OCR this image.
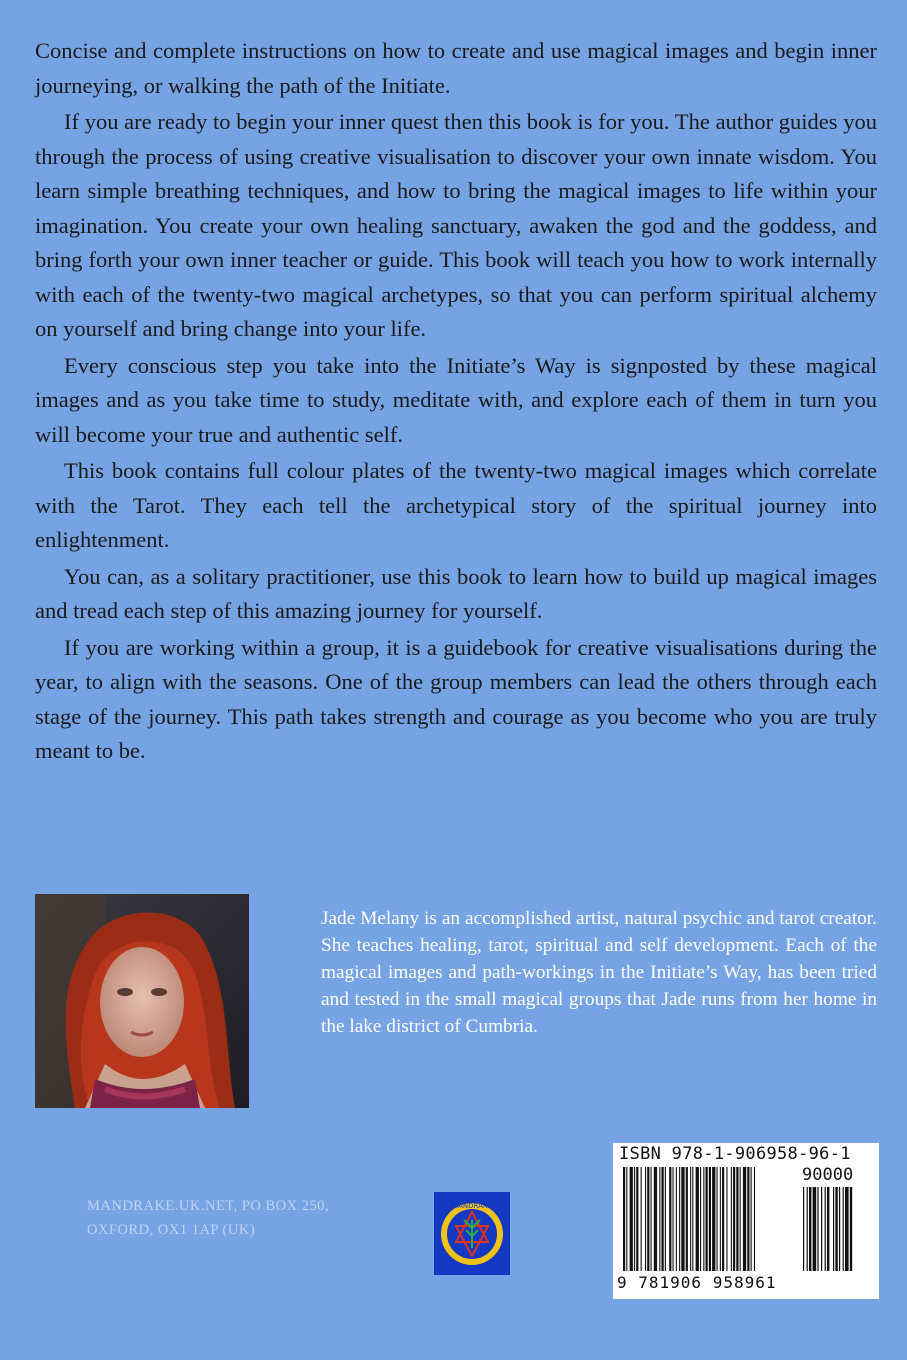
Concise and complete instructions on how to create and use magical images and begin inner journeying, or walking the path of the Initiate.

If you are ready to begin your inner quest then this book is for you. The author guides you through the process of using creative visualisation to discover your own innate wisdom. You learn simple breathing techniques, and how to bring the magical images to life within your imagination. You create your own healing sanctuary, awaken the god and the goddess, and bring forth your own inner teacher or guide. This book will teach you how to work internally with each of the twenty-two magical archetypes, so that you can perform spiritual alchemy on yourself and bring change into your life.

Every conscious step you take into the Initiate’s Way is signposted by these magical images and as you take time to study, meditate with, and explore each of them in turn you will become your true and authentic self.

This book contains full colour plates of the twenty-two magical images which correlate with the Tarot. They each tell the archetypical story of the spiritual journey into enlightenment.

You can, as a solitary practitioner, use this book to learn how to build up magical images and tread each step of this amazing journey for yourself.

If you are working within a group, it is a guidebook for creative visualisations during the year, to align with the seasons. One of the group members can lead the others through each stage of the journey. This path takes strength and courage as you become who you are truly meant to be.

Jade Melany is an accomplished artist, natural psychic and tarot creator. She teaches healing, tarot, spiritual and self development. Each of the magical images and path-workings in the Initiate’s Way, has been tried and tested in the small magical groups that Jade runs from her home in the lake district of Cumbria.
MANDRAKE.UK.NET, PO BOX 250,
OXFORD, OX1 1AP (UK)
MANDRAKE
ISBN 978-1-906958-96-1
90000
9 781906 958961
